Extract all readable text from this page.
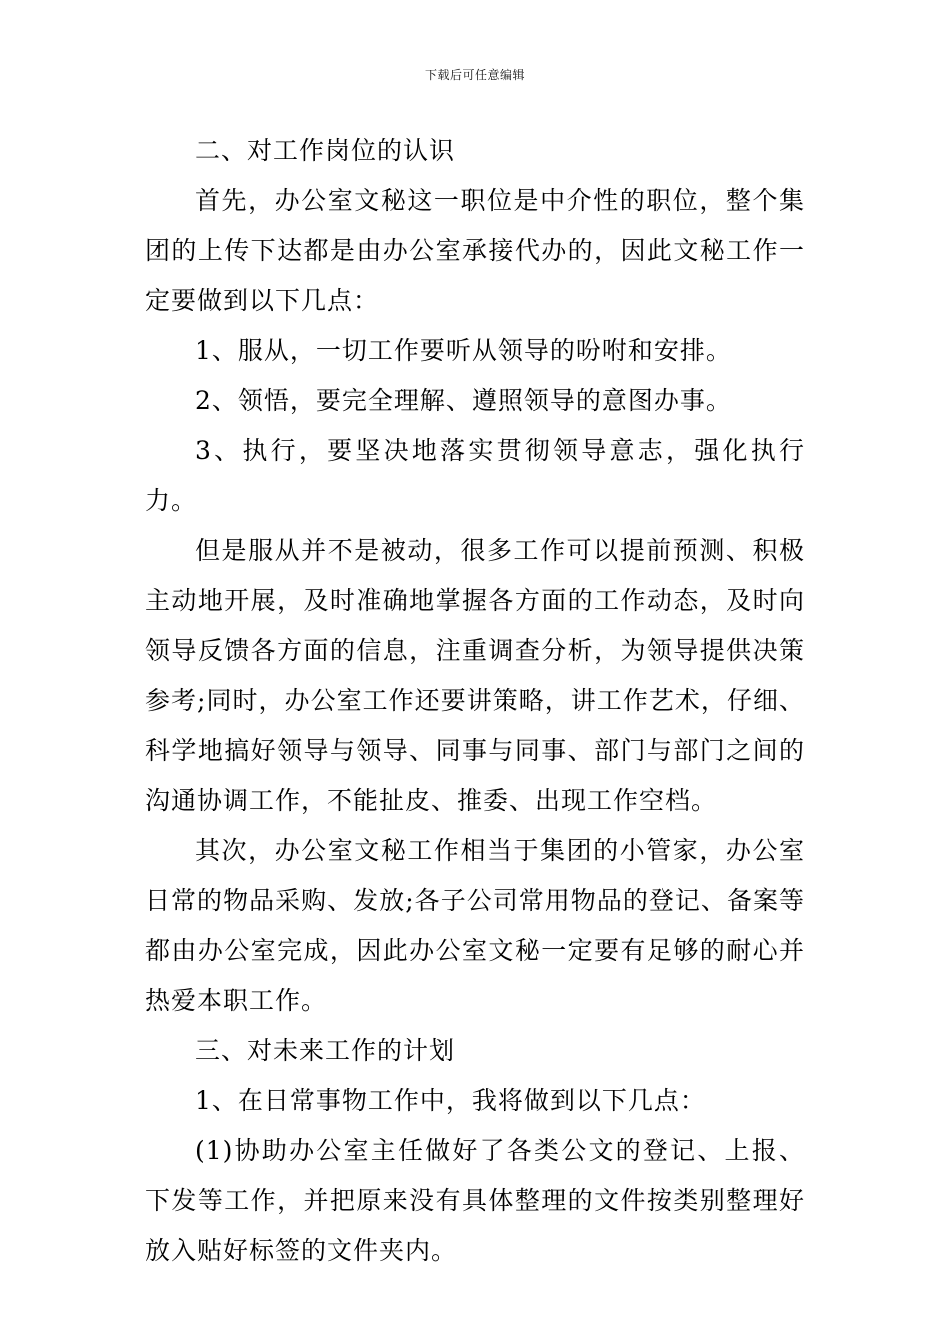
下载后可任意编辑

二、对工作岗位的认识

首先，办公室文秘这一职位是中介性的职位，整个集团的上传下达都是由办公室承接代办的，因此文秘工作一定要做到以下几点：

1、服从，一切工作要听从领导的吩咐和安排。

2、领悟，要完全理解、遵照领导的意图办事。

3、执行，要坚决地落实贯彻领导意志，强化执行力。

但是服从并不是被动，很多工作可以提前预测、积极主动地开展，及时准确地掌握各方面的工作动态，及时向领导反馈各方面的信息，注重调查分析，为领导提供决策参考;同时，办公室工作还要讲策略，讲工作艺术，仔细、科学地搞好领导与领导、同事与同事、部门与部门之间的沟通协调工作，不能扯皮、推委、出现工作空档。

其次，办公室文秘工作相当于集团的小管家，办公室日常的物品采购、发放;各子公司常用物品的登记、备案等都由办公室完成，因此办公室文秘一定要有足够的耐心并热爱本职工作。

三、对未来工作的计划

1、在日常事物工作中，我将做到以下几点：

(1)协助办公室主任做好了各类公文的登记、上报、下发等工作，并把原来没有具体整理的文件按类别整理好放入贴好标签的文件夹内。
